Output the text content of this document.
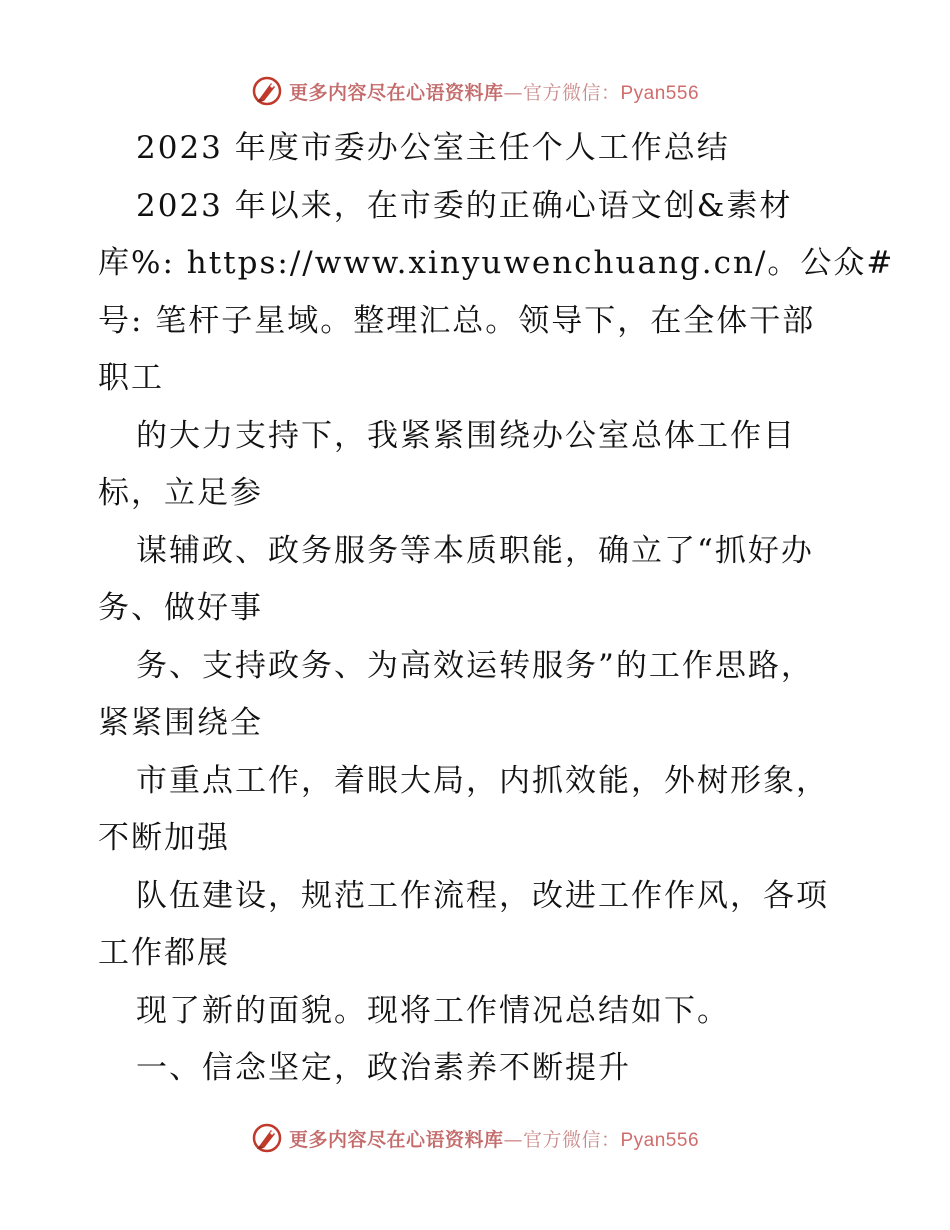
更多内容尽在心语资料库—官方微信：Pyan556
2023 年度市委办公室主任个人工作总结
2023 年以来，在市委的正确心语文创&素材
库%: https://www.xinyuwenchuang.cn/。公众#
号: 笔杆子星域。整理汇总。领导下，在全体干部
职工
的大力支持下，我紧紧围绕办公室总体工作目
标，立足参
谋辅政、政务服务等本质职能，确立了“抓好办
务、做好事
务、支持政务、为高效运转服务”的工作思路，
紧紧围绕全
市重点工作，着眼大局，内抓效能，外树形象，
不断加强
队伍建设，规范工作流程，改进工作作风，各项
工作都展
现了新的面貌。现将工作情况总结如下。
一、信念坚定，政治素养不断提升
更多内容尽在心语资料库—官方微信：Pyan556
